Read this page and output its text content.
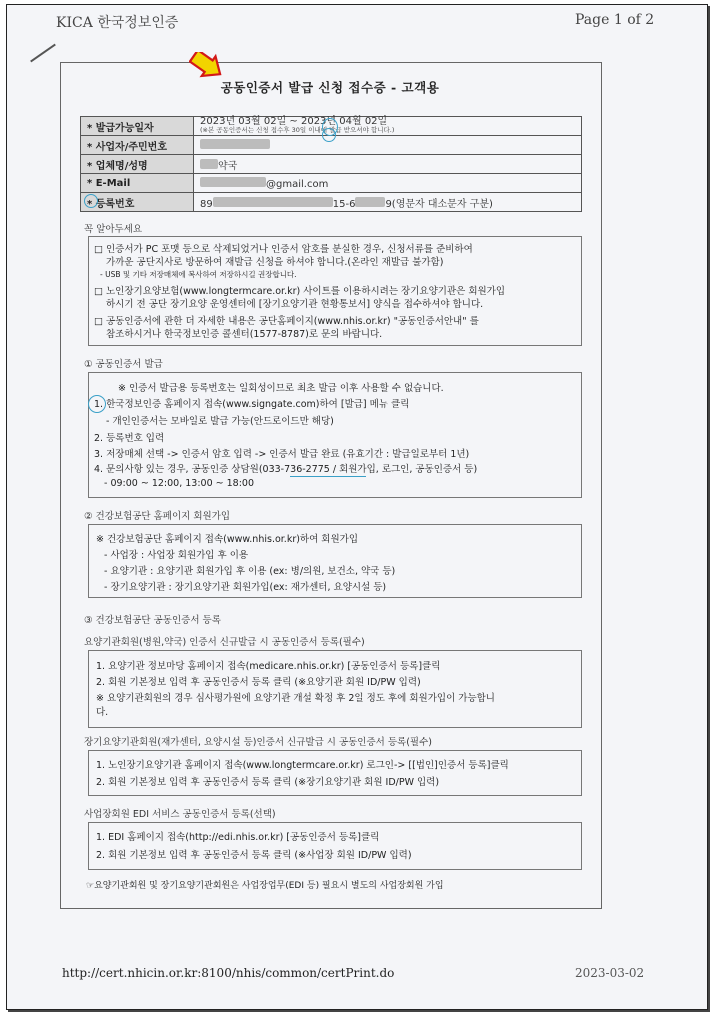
KICA 한국정보인증	Page 1 of 2
공동인증서 발급 신청 접수증 - 고객용
* 발급가능일자	2023년 03월 02일 ~ 2023년 04월 02일
(※본 공동인증서는 신청 접수후 30일 이내에 발급 받으셔야 합니다.)

* 사업자/주민번호	
* 업체명/성명	약국
* E-Mail	@gmail.com
* 등록번호	89 15-6 9(영문자 대소문자 구분)
꼭 알아두세요
□ 인증서가 PC 포맷 등으로 삭제되었거나 인증서 암호를 분실한 경우, 신청서류를 준비하여
가까운 공단지사로 방문하여 재발급 신청을 하셔야 합니다.(온라인 재발급 불가함)
- USB 및 기타 저장매체에 복사하여 저장하시길 권장합니다.
□ 노인장기요양보험(www.longtermcare.or.kr) 사이트를 이용하시려는 장기요양기관은 회원가입
하시기 전 공단 장기요양 운영센터에 [장기요양기관 현황통보서] 양식을 접수하셔야 합니다.
□ 공동인증서에 관한 더 자세한 내용은 공단홈페이지(www.nhis.or.kr) "공동인증서안내" 를
참조하시거나 한국정보인증 콜센터(1577-8787)로 문의 바랍니다.
① 공동인증서 발급
※ 인증서 발급용 등록번호는 일회성이므로 최초 발급 이후 사용할 수 없습니다.
1. 한국정보인증 홈페이지 접속(www.signgate.com)하여 [발급] 메뉴 클릭
- 개인인증서는 모바일로 발급 가능(안드로이드만 해당)
2. 등록번호 입력
3. 저장매체 선택 -> 인증서 암호 입력 -> 인증서 발급 완료 (유효기간 : 발급일로부터 1년)
4. 문의사항 있는 경우, 공동인증 상담원(033-736-2775 / 회원가입, 로그인, 공동인증서 등)
- 09:00 ~ 12:00, 13:00 ~ 18:00
② 건강보험공단 홈페이지 회원가입
※ 건강보험공단 홈페이지 접속(www.nhis.or.kr)하여 회원가입
- 사업장 : 사업장 회원가입 후 이용
- 요양기관 : 요양기관 회원가입 후 이용 (ex: 병/의원, 보건소, 약국 등)
- 장기요양기관 : 장기요양기관 회원가입(ex: 재가센터, 요양시설 등)
③ 건강보험공단 공동인증서 등록
요양기관회원(병원,약국) 인증서 신규발급 시 공동인증서 등록(필수)
1. 요양기관 정보마당 홈페이지 접속(medicare.nhis.or.kr) [공동인증서 등록]클릭
2. 회원 기본정보 입력 후 공동인증서 등록 클릭 (※요양기관 회원 ID/PW 입력)
※ 요양기관회원의 경우 심사평가원에 요양기관 개설 확정 후 2일 정도 후에 회원가입이 가능합니
다.
장기요양기관회원(재가센터, 요양시설 등)인증서 신규발급 시 공동인증서 등록(필수)
1. 노인장기요양기관 홈페이지 접속(www.longtermcare.or.kr) 로그인-> [[법인]인증서 등록]클릭
2. 회원 기본정보 입력 후 공동인증서 등록 클릭 (※장기요양기관 회원 ID/PW 입력)
사업장회원 EDI 서비스 공동인증서 등록(선택)
1. EDI 홈페이지 접속(http://edi.nhis.or.kr) [공동인증서 등록]클릭
2. 회원 기본정보 입력 후 공동인증서 등록 클릭 (※사업장 회원 ID/PW 입력)
☞요양기관회원 및 장기요양기관회원은 사업장업무(EDI 등) 필요시 별도의 사업장회원 가입
http://cert.nhicin.or.kr:8100/nhis/common/certPrint.do	2023-03-02
